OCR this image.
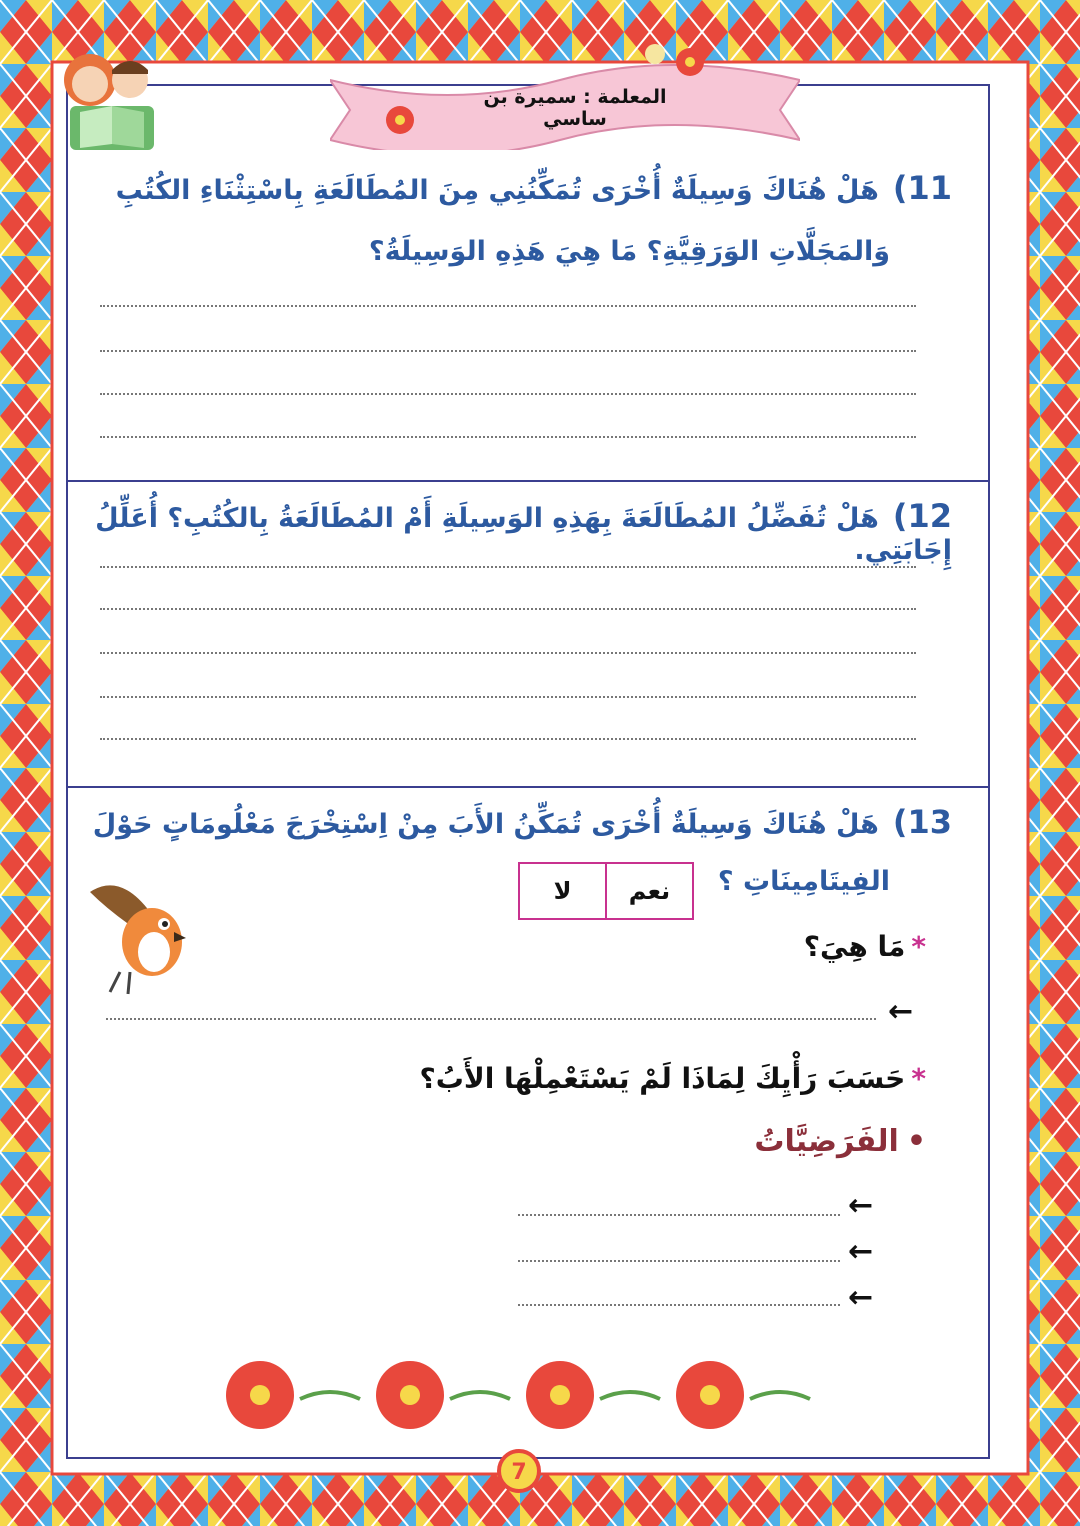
المعلمة : سميرة بن ساسي
11)هَلْ هُنَاكَ وَسِيلَةٌ أُخْرَى تُمَكِّنُنِي مِنَ المُطَالَعَةِ بِاسْتِثْنَاءِ الكُتُبِ
وَالمَجَلَّاتِ الوَرَقِيَّةِ؟ مَا هِيَ هَذِهِ الوَسِيلَةُ؟
12)هَلْ تُفَضِّلُ المُطَالَعَةَ بِهَذِهِ الوَسِيلَةِ أَمْ المُطَالَعَةُ بِالكُتُبِ؟ أُعَلِّلُ إِجَابَتِي.
13)هَلْ هُنَاكَ وَسِيلَةٌ أُخْرَى تُمَكِّنُ الأَبَ مِنْ اِسْتِخْرَجَ مَعْلُومَاتٍ حَوْلَ
الفِيتَامِينَاتِ ؟
لا	نعم
*مَا هِيَ؟
←
*حَسَبَ رَأْيِكَ لِمَاذَا لَمْ يَسْتَعْمِلْهَا الأَبُ؟
•الفَرَضِيَّاتُ
←
←
←
7
